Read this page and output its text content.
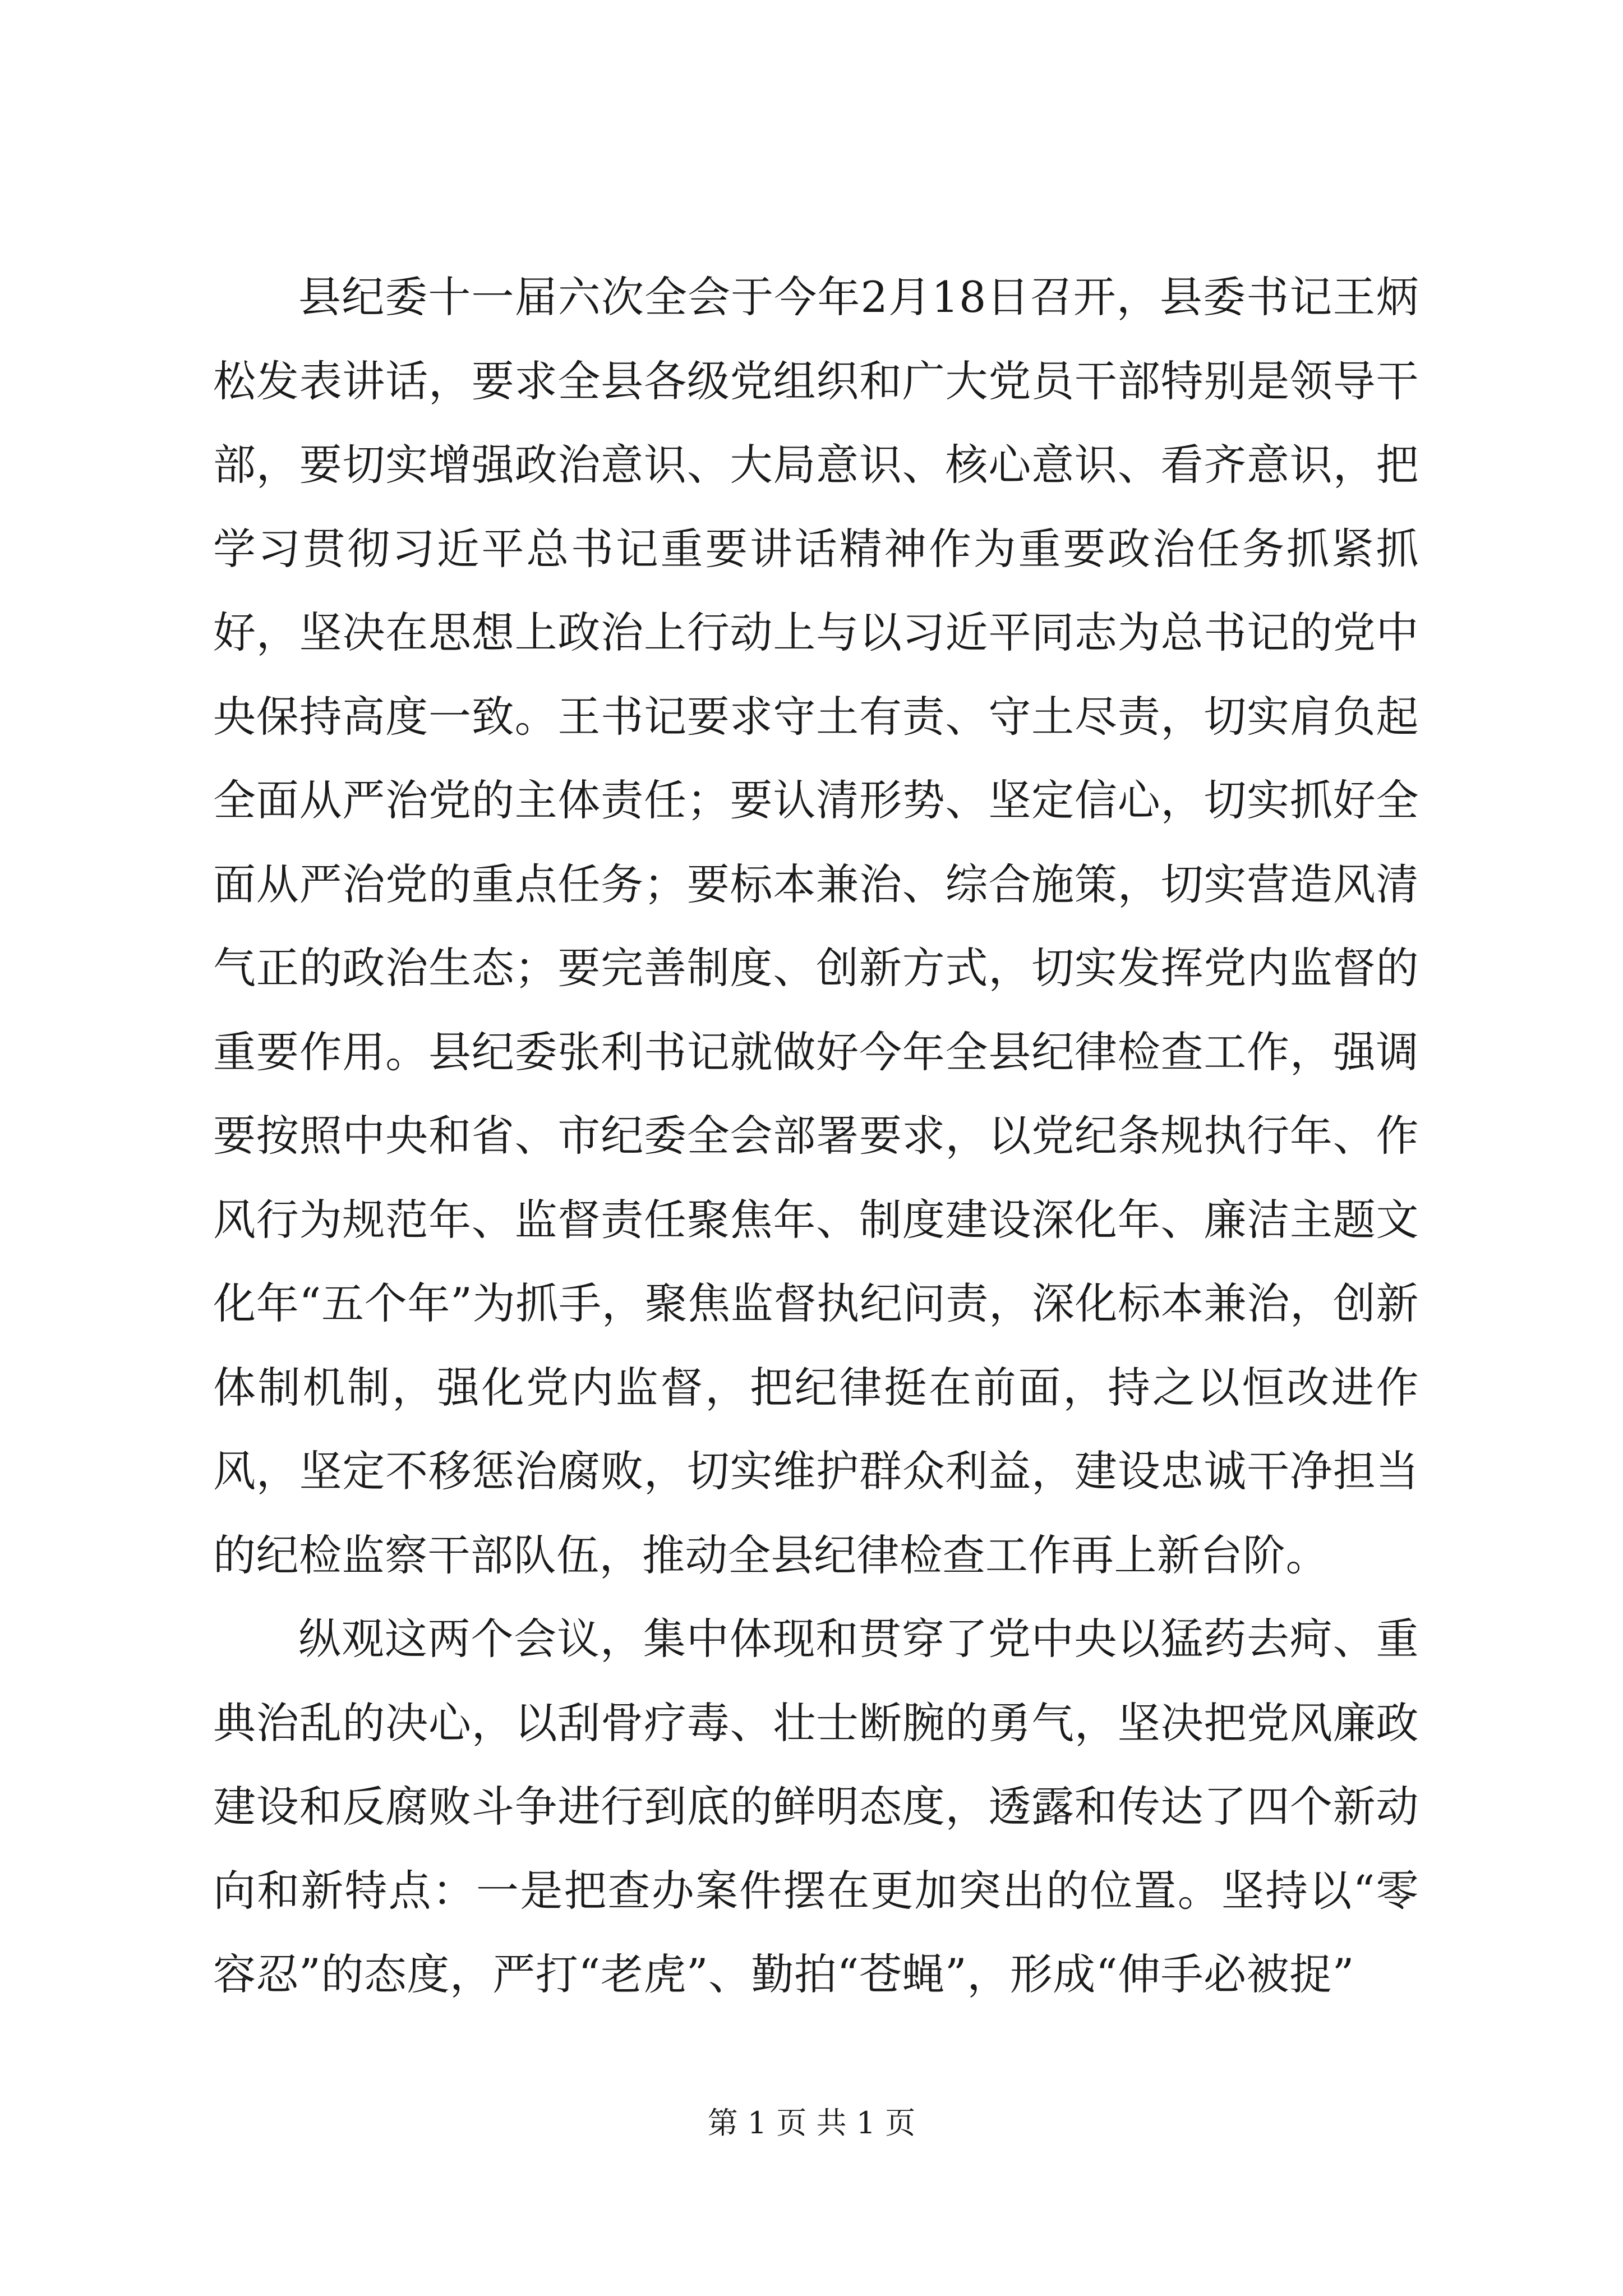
县纪委十一届六次全会于今年2月18日召开，县委书记王炳松发表讲话，要求全县各级党组织和广大党员干部特别是领导干部，要切实增强政治意识、大局意识、核心意识、看齐意识，把学习贯彻习近平总书记重要讲话精神作为重要政治任务抓紧抓好，坚决在思想上政治上行动上与以习近平同志为总书记的党中央保持高度一致。王书记要求守土有责、守土尽责，切实肩负起全面从严治党的主体责任；要认清形势、坚定信心，切实抓好全面从严治党的重点任务；要标本兼治、综合施策，切实营造风清气正的政治生态；要完善制度、创新方式，切实发挥党内监督的重要作用。县纪委张利书记就做好今年全县纪律检查工作，强调要按照中央和省、市纪委全会部署要求，以党纪条规执行年、作风行为规范年、监督责任聚焦年、制度建设深化年、廉洁主题文化年“五个年”为抓手，聚焦监督执纪问责，深化标本兼治，创新体制机制，强化党内监督，把纪律挺在前面，持之以恒改进作风，坚定不移惩治腐败，切实维护群众利益，建设忠诚干净担当的纪检监察干部队伍，推动全县纪律检查工作再上新台阶。

纵观这两个会议，集中体现和贯穿了党中央以猛药去疴、重典治乱的决心，以刮骨疗毒、壮士断腕的勇气，坚决把党风廉政建设和反腐败斗争进行到底的鲜明态度，透露和传达了四个新动向和新特点：一是把查办案件摆在更加突出的位置。坚持以“零容忍”的态度，严打“老虎”、勤拍“苍蝇”，形成“伸手必被捉”

第 1 页 共 1 页
